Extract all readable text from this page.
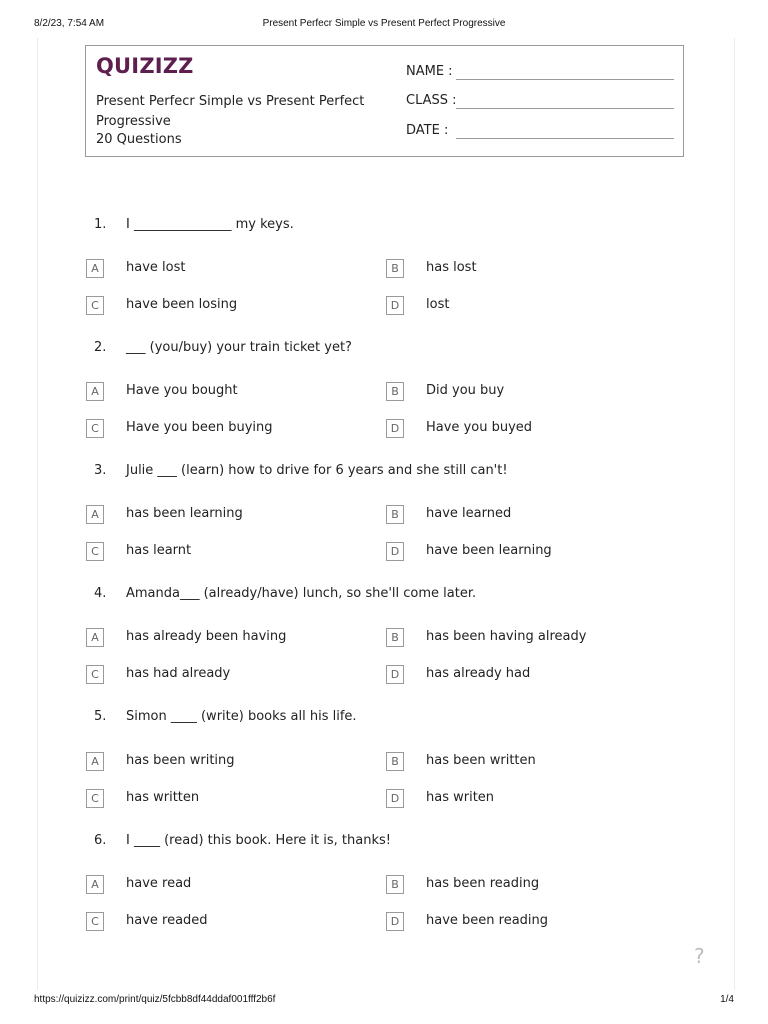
8/2/23, 7:54 AM	Present Perfecr Simple vs Present Perfect Progressive
QUIZIZZ
Present Perfecr Simple vs Present Perfect Progressive
20 Questions
NAME :
CLASS :
DATE :
1. I _______________ my keys.
A	have lost	B	has lost
C	have been losing	D	lost
2. ___ (you/buy) your train ticket yet?
A	Have you bought	B	Did you buy
C	Have you been buying	D	Have you buyed
3. Julie ___ (learn) how to drive for 6 years and she still can't!
A	has been learning	B	have learned
C	has learnt	D	have been learning
4. Amanda___ (already/have) lunch, so she'll come later.
A	has already been having	B	has been having already
C	has had already	D	has already had
5. Simon ____ (write) books all his life.
A	has been writing	B	has been written
C	has written	D	has writen
6. I ____ (read) this book. Here it is, thanks!
A	have read	B	has been reading
C	have readed	D	have been reading
?
https://quizizz.com/print/quiz/5fcbb8df44ddaf001fff2b6f	1/4
